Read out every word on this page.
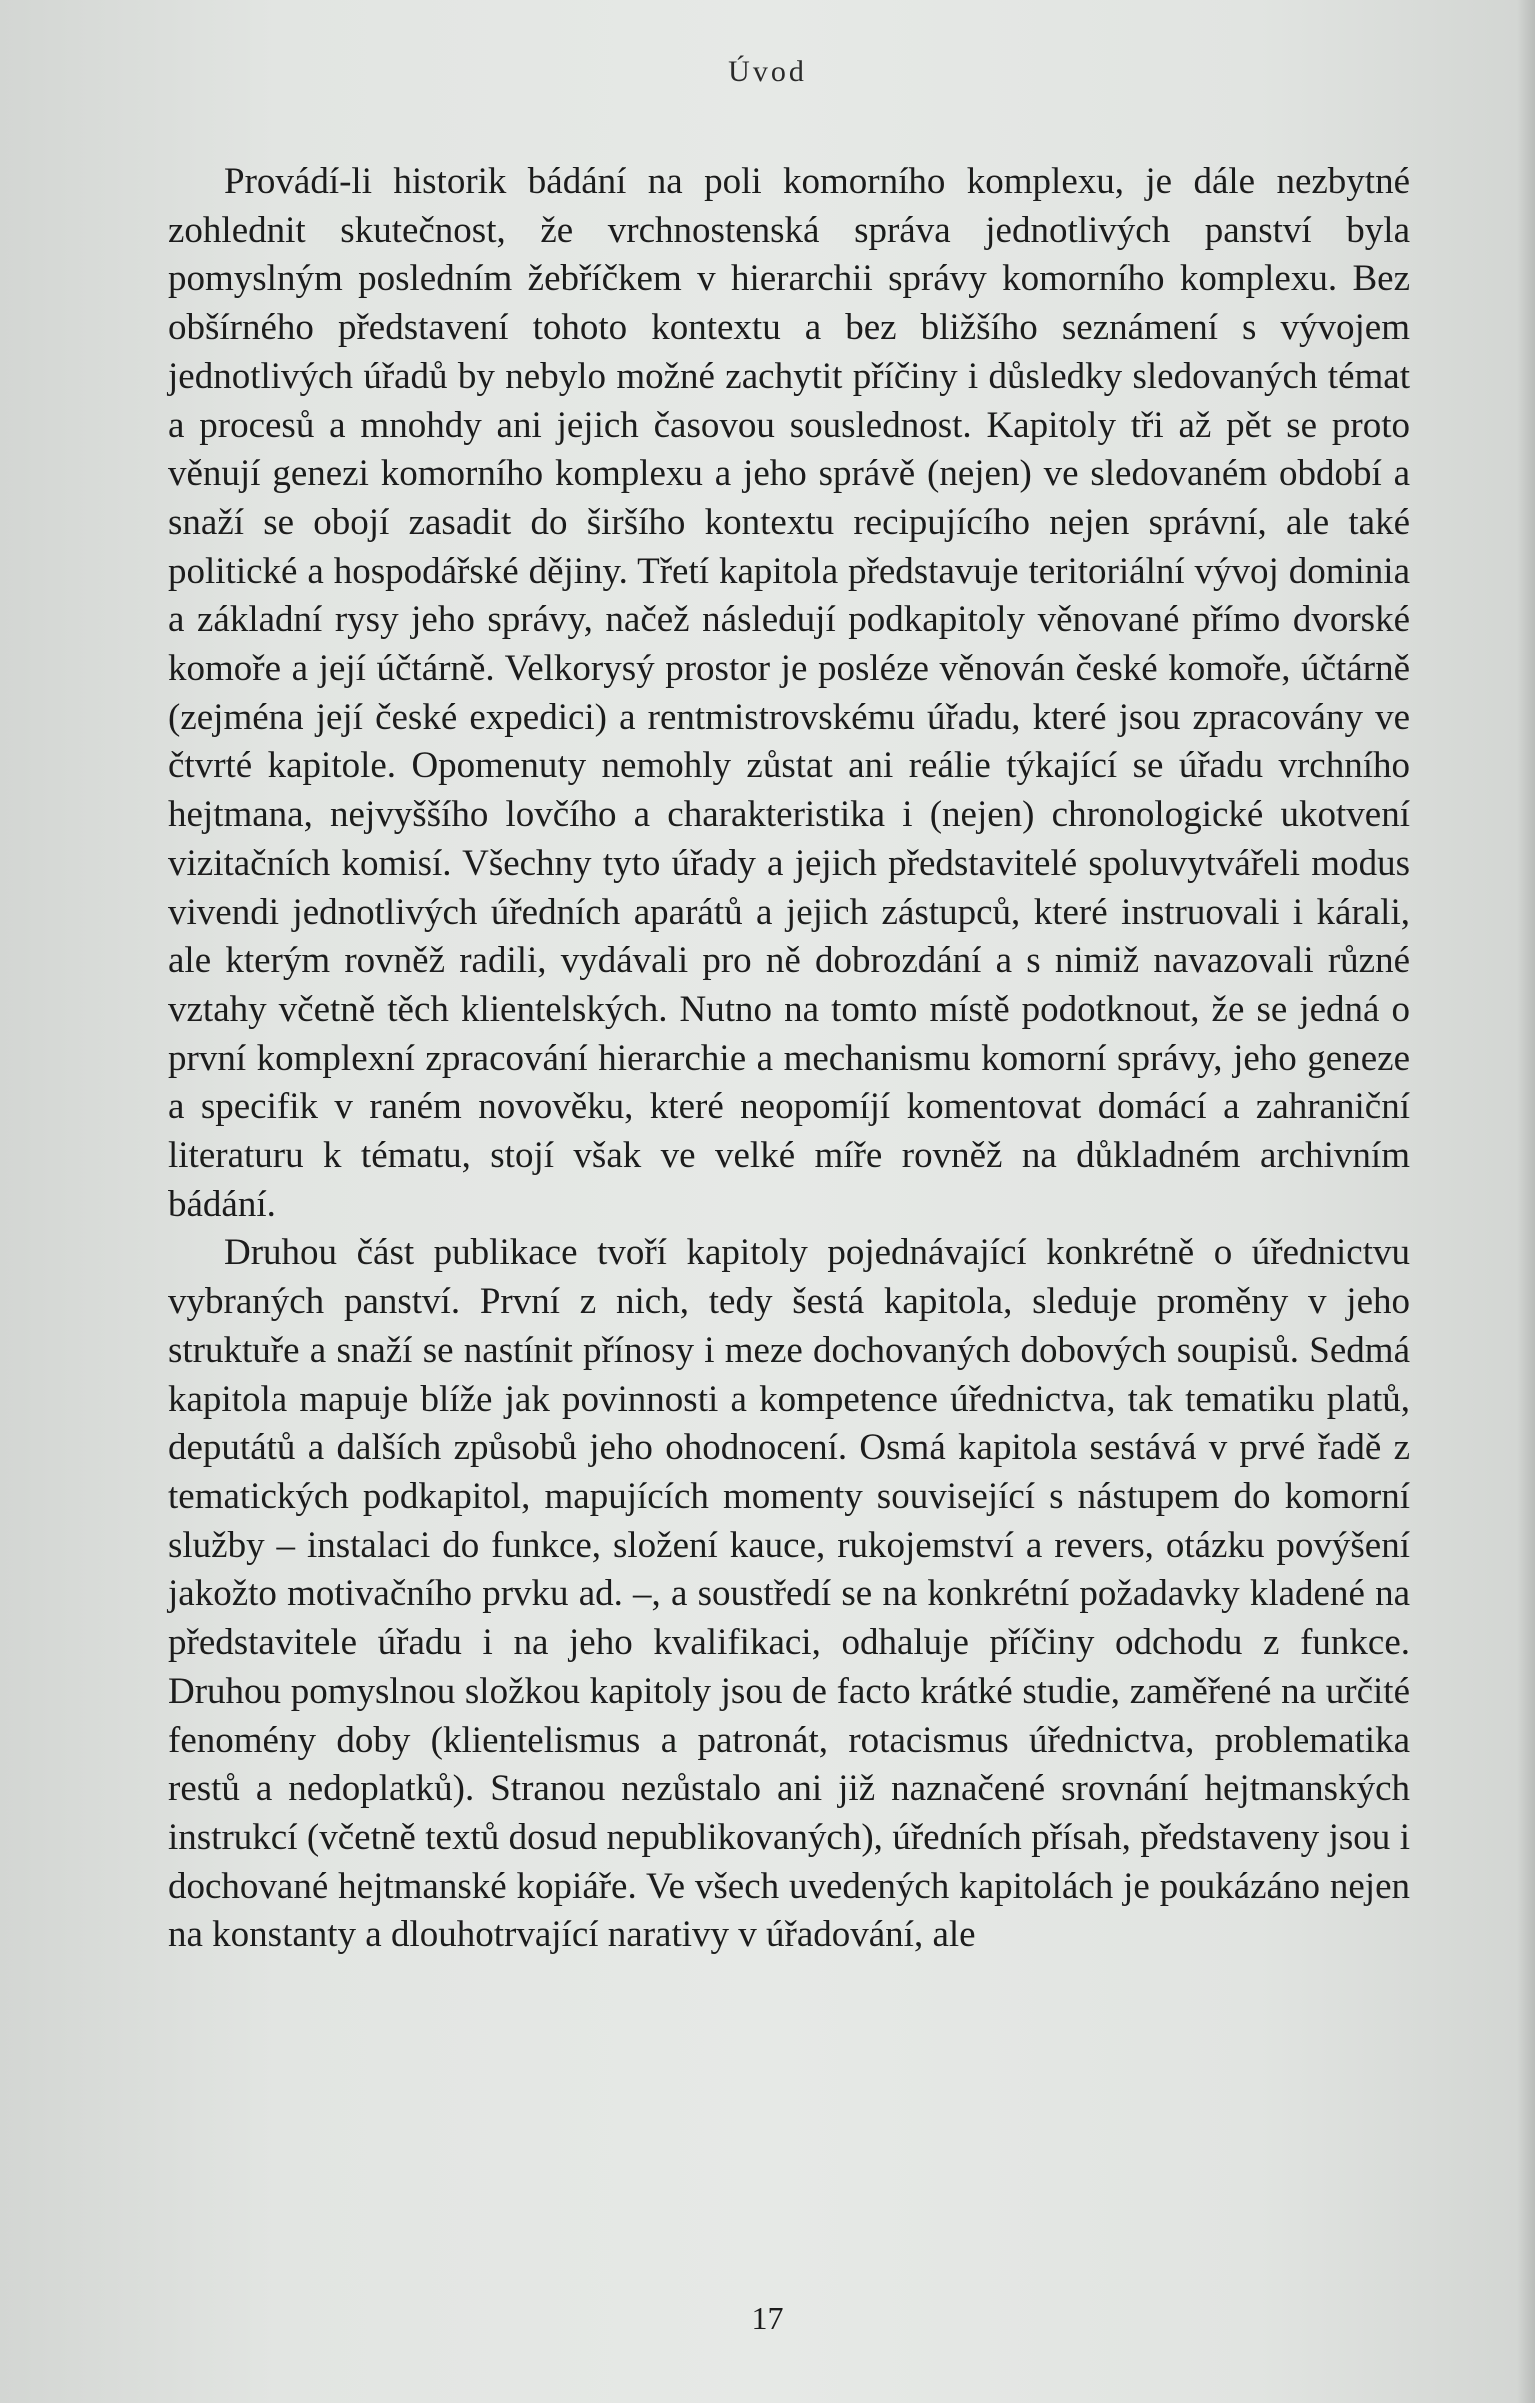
Úvod

Provádí-li historik bádání na poli komorního komplexu, je dále nezbytné zohlednit skutečnost, že vrchnostenská správa jednotlivých panství byla pomyslným posledním žebříčkem v hierarchii správy komorního komplexu. Bez obšírného představení tohoto kontextu a bez bližšího seznámení s vývojem jednotlivých úřadů by nebylo možné zachytit příčiny i důsledky sledovaných témat a procesů a mnohdy ani jejich časovou souslednost. Kapitoly tři až pět se proto věnují genezi komorního komplexu a jeho správě (nejen) ve sledovaném období a snaží se obojí zasadit do širšího kontextu recipujícího nejen správní, ale také politické a hospodářské dějiny. Třetí kapitola představuje teritoriální vývoj dominia a základní rysy jeho správy, načež následují podkapitoly věnované přímo dvorské komoře a její účtárně. Velkorysý prostor je posléze věnován české komoře, účtárně (zejména její české expedici) a rentmistrovskému úřadu, které jsou zpracovány ve čtvrté kapitole. Opomenuty nemohly zůstat ani reálie týkající se úřadu vrchního hejtmana, nejvyššího lovčího a charakteristika i (nejen) chronologické ukotvení vizitačních komisí. Všechny tyto úřady a jejich představitelé spoluvytvářeli modus vivendi jednotlivých úředních aparátů a jejich zástupců, které instruovali i kárali, ale kterým rovněž radili, vydávali pro ně dobrozdání a s nimiž navazovali různé vztahy včetně těch klientelských. Nutno na tomto místě podotknout, že se jedná o první komplexní zpracování hierarchie a mechanismu komorní správy, jeho geneze a specifik v raném novověku, které neopomíjí komentovat domácí a zahraniční literaturu k tématu, stojí však ve velké míře rovněž na důkladném archivním bádání.

Druhou část publikace tvoří kapitoly pojednávající konkrétně o úřednictvu vybraných panství. První z nich, tedy šestá kapitola, sleduje proměny v jeho struktuře a snaží se nastínit přínosy i meze dochovaných dobových soupisů. Sedmá kapitola mapuje blíže jak povinnosti a kompetence úřednictva, tak tematiku platů, deputátů a dalších způsobů jeho ohodnocení. Osmá kapitola sestává v prvé řadě z tematických podkapitol, mapujících momenty související s nástupem do komorní služby – instalaci do funkce, složení kauce, rukojemství a revers, otázku povýšení jakožto motivačního prvku ad. –, a soustředí se na konkrétní požadavky kladené na představitele úřadu i na jeho kvalifikaci, odhaluje příčiny odchodu z funkce. Druhou pomyslnou složkou kapitoly jsou de facto krátké studie, zaměřené na určité fenomény doby (klientelismus a patronát, rotacismus úřednictva, problematika restů a nedoplatků). Stranou nezůstalo ani již naznačené srovnání hejtmanských instrukcí (včetně textů dosud nepublikovaných), úředních přísah, představeny jsou i dochované hejtmanské kopiáře. Ve všech uvedených kapitolách je poukázáno nejen na konstanty a dlouhotrvající narativy v úřadování, ale

17
